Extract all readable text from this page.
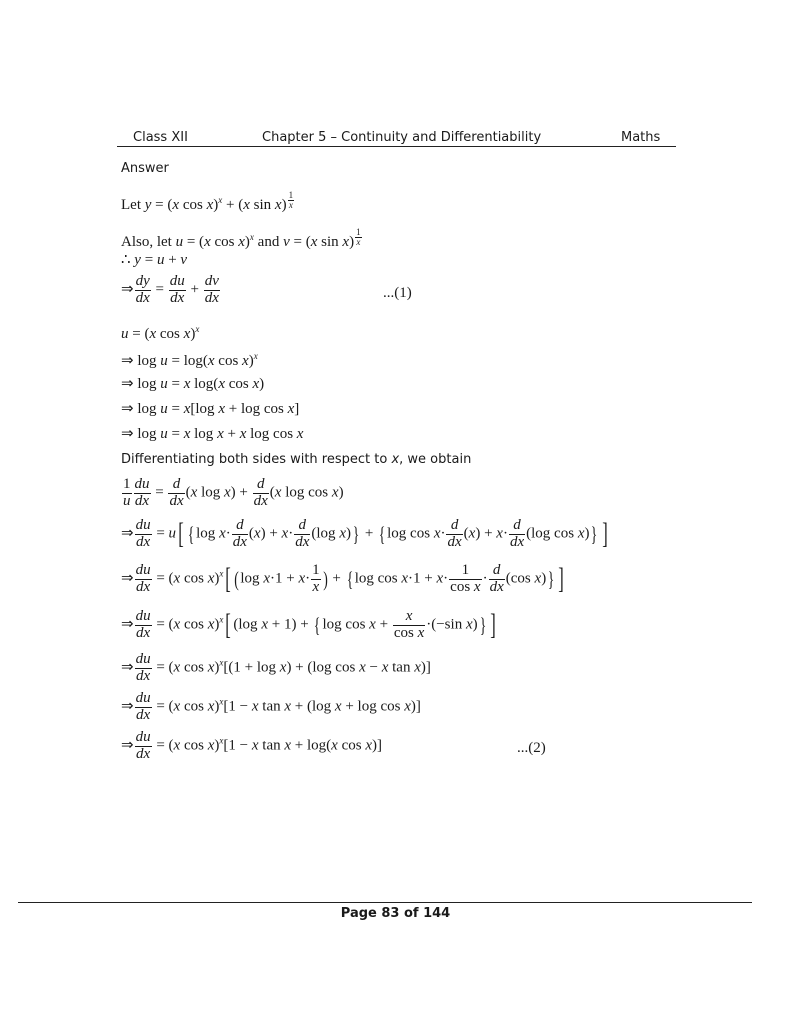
Class XII	Chapter 5 – Continuity and Differentiability	Maths
Answer
Let y = (x cos x)$^x$ + (x sin x) $^{\frac{1}{x}}$
Also, let u = (x cos x)$^x$ and v = (x sin x) $^{\frac{1}{x}}$
∴ y = u + v
⇒ $\frac{dy}{dx} = \frac{du}{dx} + \frac{dv}{dx}$	...(1)
u = (x cos x)$^x$
⇒ log u = log(x cos x)$^x$
⇒ log u = x log(x cos x)
⇒ log u = x[log x + log cos x]
⇒ log u = x log x + x log cos x
Differentiating both sides with respect to x, we obtain
$\frac{1}{u} \frac{du}{dx} = \frac{d}{dx} (x$ $\log x) + \frac{d}{dx} (x$ log cos x)
⇒ $\frac{du}{dx} = u$[ { $\log x\cdot \frac{d}{dx} (x) + x\cdot \frac{d}{dx} (\log$ x)} + { $\log \cos x\cdot \frac{d}{dx} (x) + x\cdot \frac{d}{dx} (\log$ cos x)} ]
⇒ $\frac{du}{dx} = (x$ cos x)$^x$[ (log $x\cdot 1 + x\cdot \frac{1}{x}$ ) + { $\log \cos x\cdot 1 + x\cdot \frac{1}{\text{cos x}} \cdot \frac{d}{dx} (\cos$ x)} ]
⇒ $\frac{du}{dx} = (x$ cos x)$^x$[ (log x + 1) + { $\log \cos x + \frac{x}{\text{cos x}} \cdot(-\sin$ x)} ]
⇒ $\frac{du}{dx} = (x$ cos x)$^x$[(1 + log x) + (log cos x − x tan x)]
⇒ $\frac{du}{dx} = (x$ cos x)$^x$[1 − x tan x + (log x + log cos x)]
⇒ $\frac{du}{dx} = (x$ cos x)$^x$[1 − x tan x + log(x cos x)]	...(2)
Page 83 of 144
